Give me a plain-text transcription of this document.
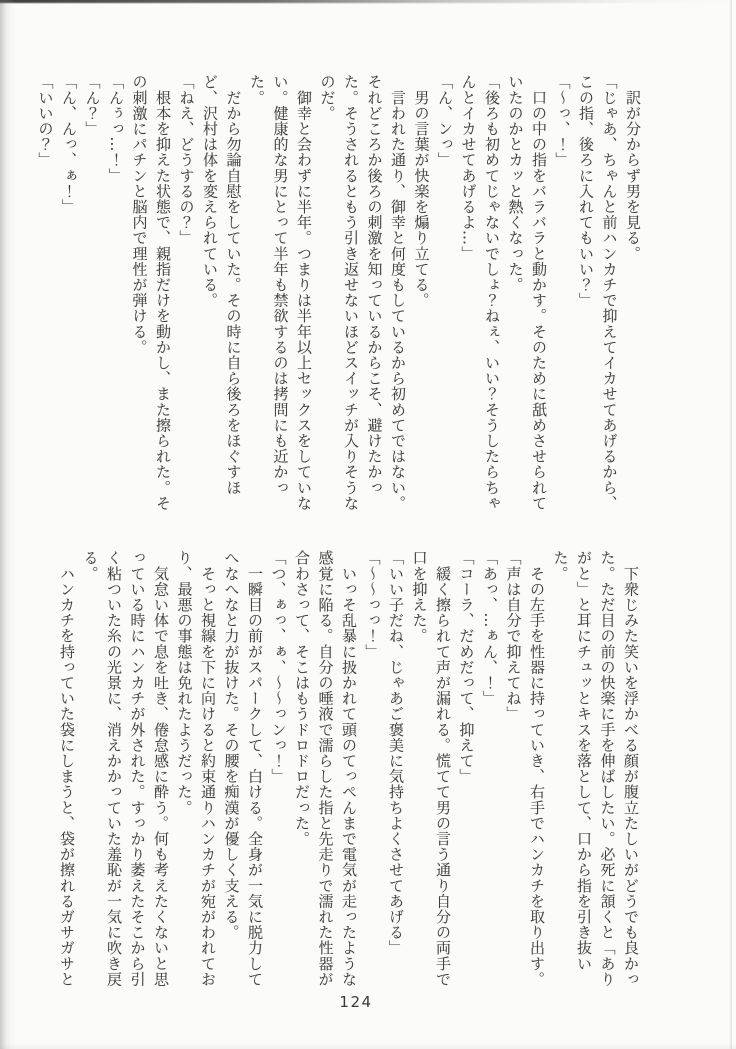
　訳が分からず男を見る。

「じゃあ、ちゃんと前ハンカチで抑えてイカせてあげるから、この指、後ろに入れてもいい？」

「～っ、！」

　口の中の指をバラバラと動かす。そのために舐めさせられていたのかとカッと熱くなった。

「後ろも初めてじゃないでしょ？ねぇ、いい？そうしたらちゃんとイカせてあげるよ…」

「ん、ンっ」

　男の言葉が快楽を煽り立てる。

　言われた通り、御幸と何度もしているから初めてではない。それどころか後ろの刺激を知っているからこそ、避けたかった。そうされるともう引き返せないほどスイッチが入りそうなのだ。

　御幸と会わずに半年。つまりは半年以上セックスをしていない。健康的な男にとって半年も禁欲するのは拷問にも近かった。

　だから勿論自慰をしていた。その時に自ら後ろをほぐすほど、沢村は体を変えられている。

「ねえ、どうするの？」

　根本を抑えた状態で、親指だけを動かし、また擦られた。その刺激にパチンと脳内で理性が弾ける。

「んぅっ…！」

「ん？」

「ん、んっ、ぁ！」

「いいの？」

　下衆じみた笑いを浮かべる顔が腹立たしいがどうでも良かった。ただ目の前の快楽に手を伸ばしたい。必死に頷くと「ありがと」と耳にチュッとキスを落として、口から指を引き抜いた。

　その左手を性器に持っていき、右手でハンカチを取り出す。

「声は自分で抑えてね」

「あっ、…ぁん、！」

「コーラ、だめだって、抑えて」

　緩く擦られて声が漏れる。慌てて男の言う通り自分の両手で口を抑えた。

「いい子だね、じゃあご褒美に気持ちよくさせてあげる」

「～～っっ！」

　いっそ乱暴に扱かれて頭のてっぺんまで電気が走ったような感覚に陥る。自分の唾液で濡らした指と先走りで濡れた性器が合わさって、そこはもうドロドロだった。

「つ、ぁっ、ぁ、～～っンっ！」

　一瞬目の前がスパークして、白ける。全身が一気に脱力してへなへなと力が抜けた。その腰を痴漢が優しく支える。

　そっと視線を下に向けると約束通りハンカチが宛がわれており、最悪の事態は免れたようだった。

　気怠い体で息を吐き、倦怠感に酔う。何も考えたくないと思っている時にハンカチが外された。すっかり萎えたそこから引く粘ついた糸の光景に、消えかかっていた羞恥が一気に吹き戻る。

　ハンカチを持っていた袋にしまうと、袋が擦れるガサガサと

124
